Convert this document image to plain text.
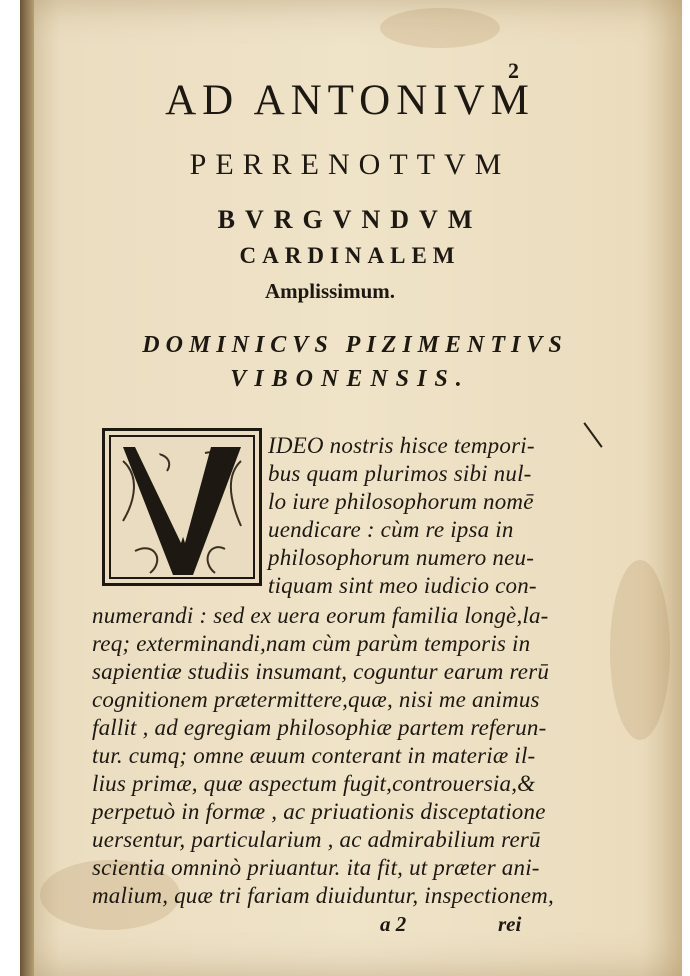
2
AD ANTONIVM
PERRENOTTVM
BVRGVNDVM
CARDINALEM
Amplissimum.
DOMINICVS PIZIMENTIVS
VIBONENSIS.
IDEO nostris hisce tempori-
bus quam plurimos sibi nul-
lo iure philosophorum nomē
uendicare : cùm re ipsa in
philosophorum numero neu-
tiquam sint meo iudicio con-
numerandi : sed ex uera eorum familia longè,la-
req; exterminandi,nam cùm parùm temporis in
sapientiæ studiis insumant, coguntur earum rerū
cognitionem prætermittere,quæ, nisi me animus
fallit , ad egregiam philosophiæ partem referun-
tur. cumq; omne æuum conterant in materiæ il-
lius primæ, quæ aspectum fugit,controuersia,&
perpetuò in formæ , ac priuationis disceptatione
uersentur, particularium , ac admirabilium rerū
scientia omninò priuantur. ita fit, ut præter ani-
malium, quæ tri fariam diuiduntur, inspectionem,
a 2	rei
